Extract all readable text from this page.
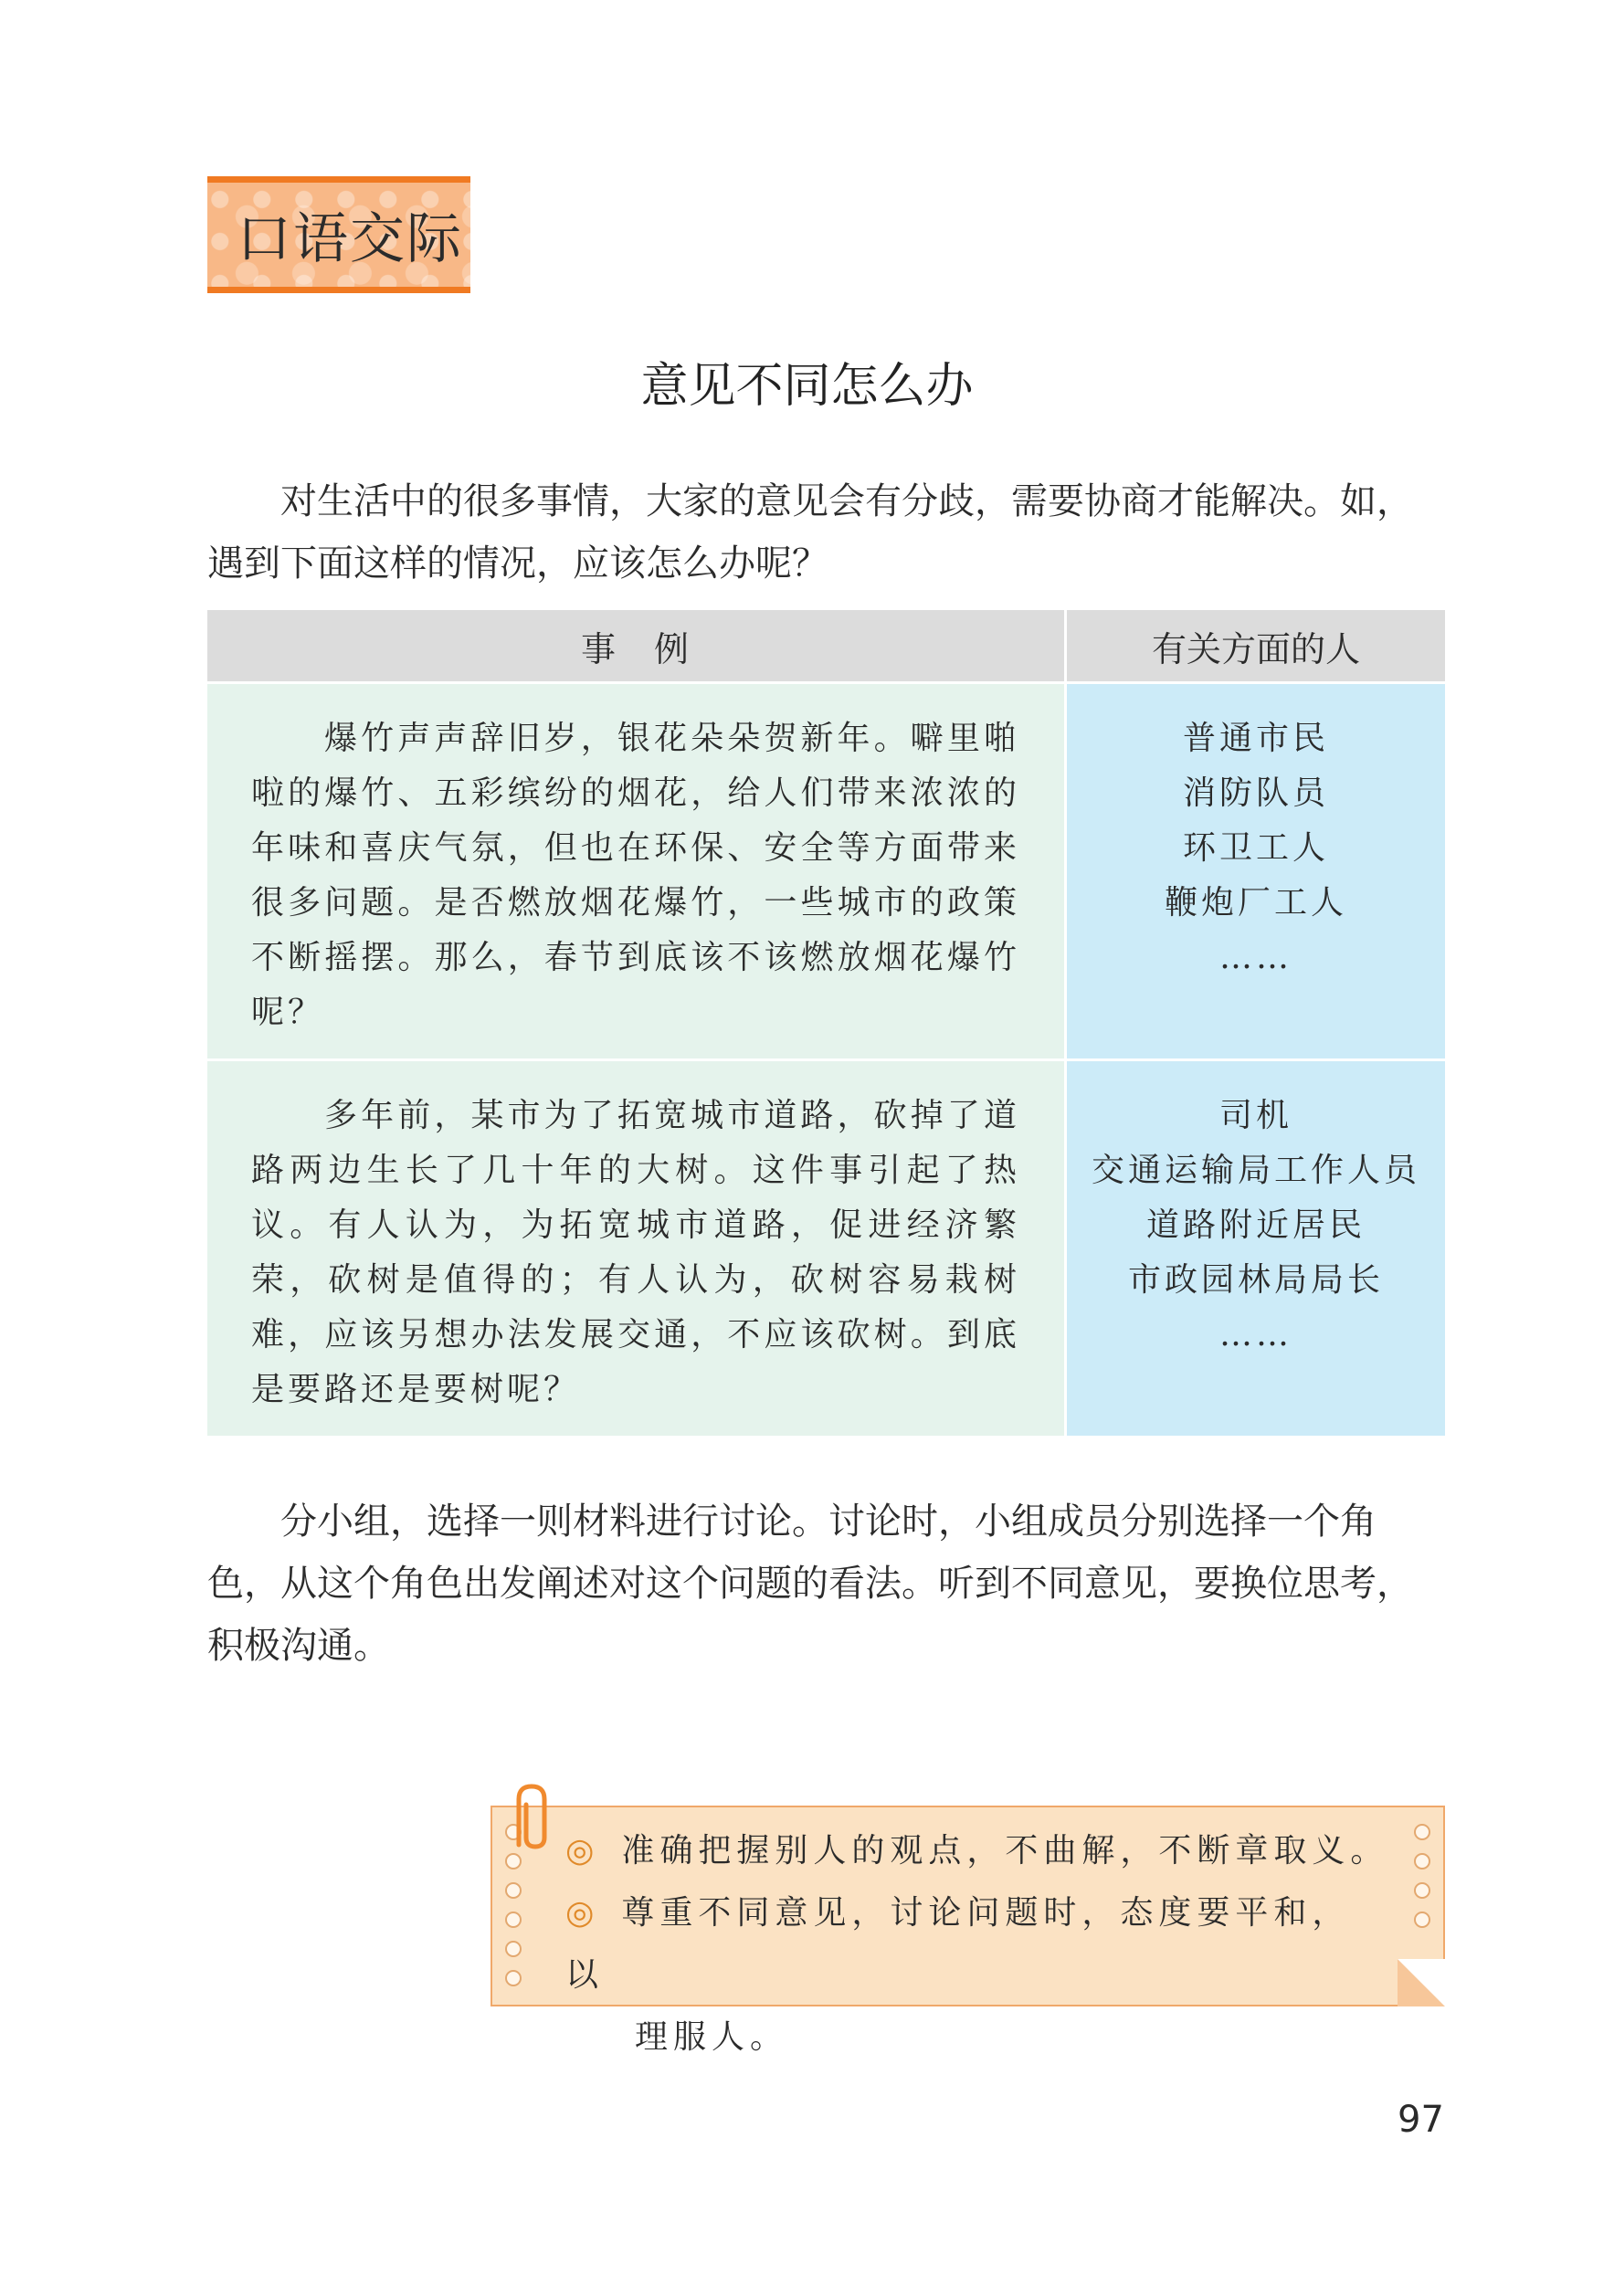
口语交际
意见不同怎么办

对生活中的很多事情，大家的意见会有分歧，需要协商才能解决。如，遇到下面这样的情况，应该怎么办呢？

事　例	有关方面的人
爆竹声声辞旧岁，银花朵朵贺新年。噼里啪啦的爆竹、五彩缤纷的烟花，给人们带来浓浓的年味和喜庆气氛，但也在环保、安全等方面带来很多问题。是否燃放烟花爆竹，一些城市的政策不断摇摆。那么，春节到底该不该燃放烟花爆竹呢？
普通市民
消防队员
环卫工人
鞭炮厂工人
……
多年前，某市为了拓宽城市道路，砍掉了道路两边生长了几十年的大树。这件事引起了热议。有人认为，为拓宽城市道路，促进经济繁荣，砍树是值得的；有人认为，砍树容易栽树难，应该另想办法发展交通，不应该砍树。到底是要路还是要树呢？
司机
交通运输局工作人员
道路附近居民
市政园林局局长
……

分小组，选择一则材料进行讨论。讨论时，小组成员分别选择一个角色，从这个角色出发阐述对这个问题的看法。听到不同意见，要换位思考，积极沟通。

◎ 准确把握别人的观点，不曲解，不断章取义。
◎ 尊重不同意见，讨论问题时，态度要平和，以
理服人。
97
